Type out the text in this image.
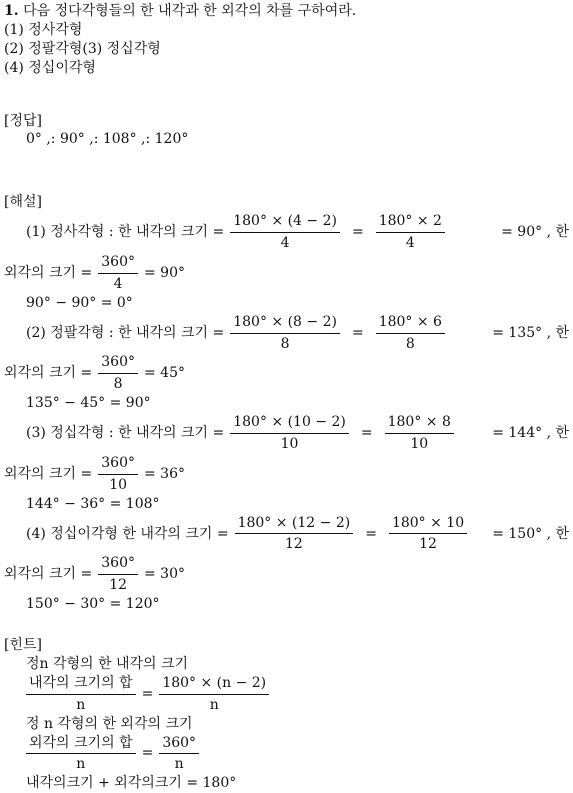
1. 다음 정다각형들의 한 내각과 한 외각의 차를 구하여라.
(1) 정사각형
(2) 정팔각형(3) 정십각형
(4) 정십이각형
[정답]
0° ,: 90° ,: 108° ,: 120°
[해설]
(1) 정사각형 : 한 내각의 크기 = $\frac{180^\circ \times (4 - 2)}{4} = \frac{180^\circ \times 2}{4}$	= 90° , 한
외각의 크기 = $\frac{360^\circ}{4} = 90^\circ$
90° − 90° = 0°
(2) 정팔각형 : 한 내각의 크기 = $\frac{180^\circ \times (8 - 2)}{8} = \frac{180^\circ \times 6}{8}$	= 135° , 한
외각의 크기 = $\frac{360^\circ}{8} = 45^\circ$
135° − 45° = 90°
(3) 정십각형 : 한 내각의 크기 = $\frac{180^\circ \times (10 - 2)}{10} = \frac{180^\circ \times 8}{10}$	= 144° , 한
외각의 크기 = $\frac{360^\circ}{10} = 36^\circ$
144° − 36° = 108°
(4) 정십이각형 한 내각의 크기 = $\frac{180^\circ \times (12 - 2)}{12} = \frac{180^\circ \times 10}{12} = 150^\circ$ , 한
외각의 크기 = $\frac{360^\circ}{12} = 30^\circ$
150° − 30° = 120°
[힌트]
정n 각형의 한 내각의 크기
$\frac{\text{내각의 크기의 합}}{n} = \frac{180^\circ \times (n - 2)}{n}$
정 n 각형의 한 외각의 크기
$\frac{\text{외각의 크기의 합}}{n} = \frac{360^\circ}{n}$
내각의크기 + 외각의크기 = 180°
